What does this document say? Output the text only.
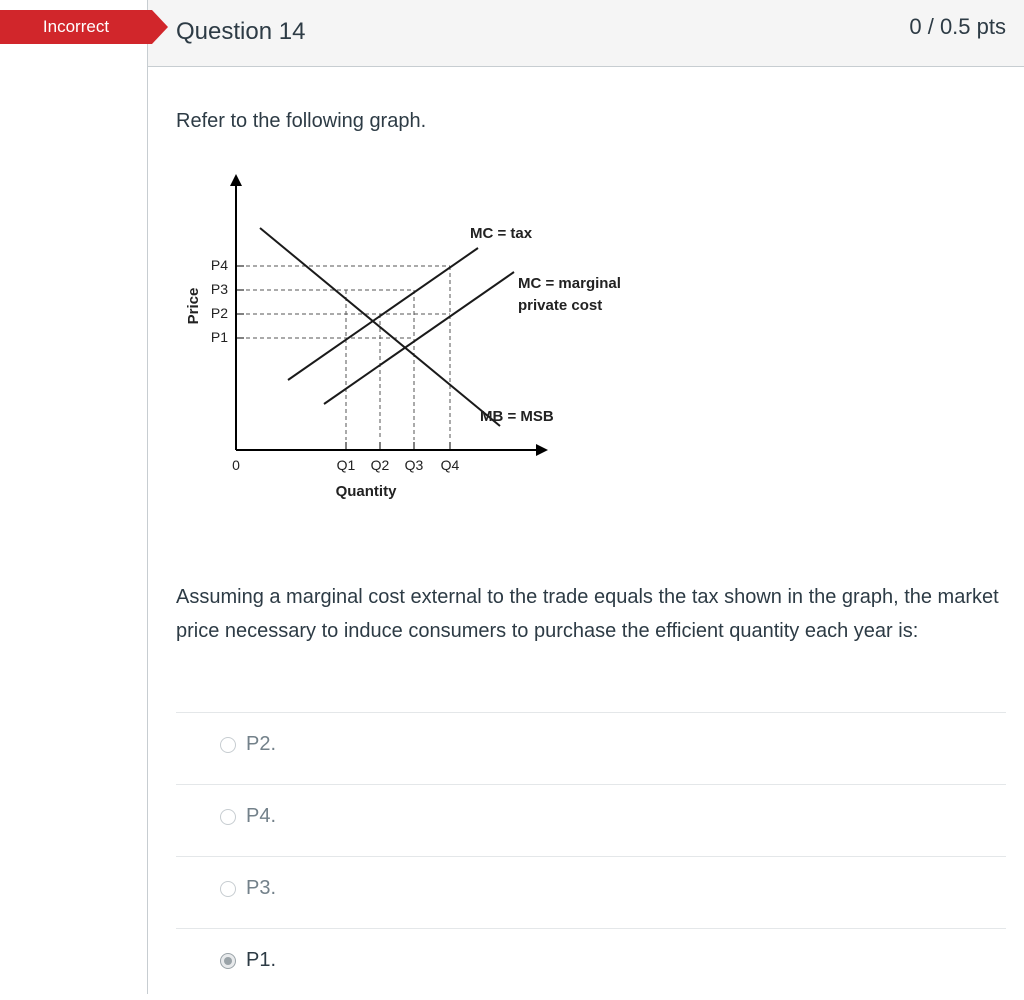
Question 14	0 / 0.5 pts
Incorrect
Refer to the following graph.
Price
P4
P3
P2
P1
0	Q1 Q2 Q3 Q4
Quantity
MC = tax
MC = marginal
private cost
MB = MSB
Assuming a marginal cost external to the trade equals the tax shown in the graph, the market price necessary to induce consumers to purchase the efficient quantity each year is:
P2.
P4.
P3.
P1.
